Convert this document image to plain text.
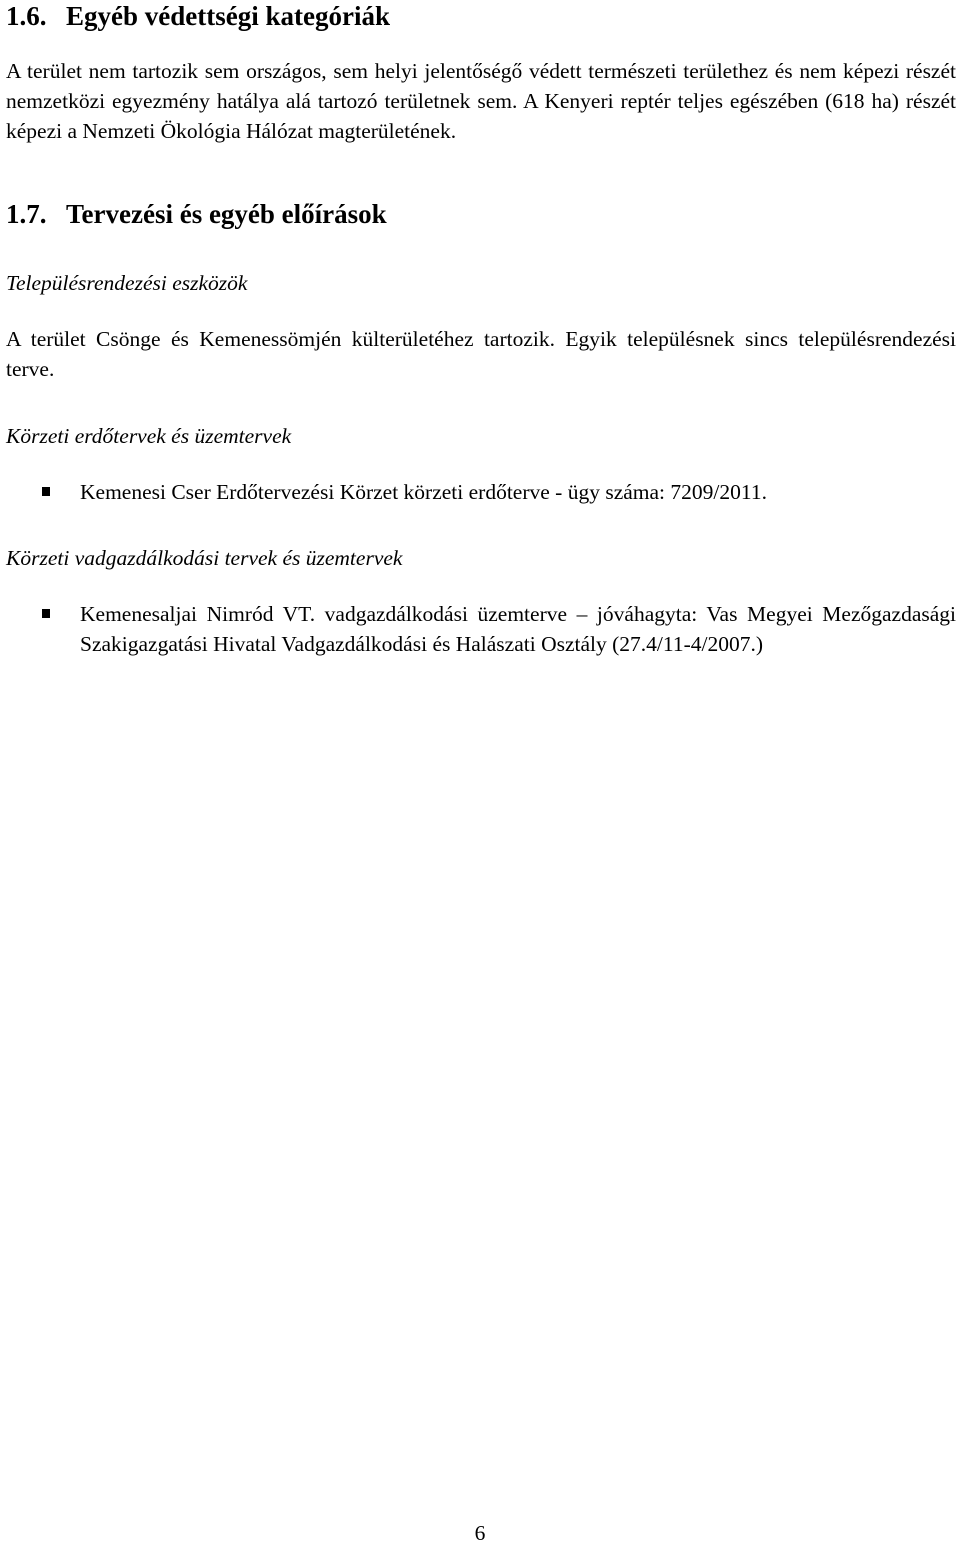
1.6. Egyéb védettségi kategóriák

A terület nem tartozik sem országos, sem helyi jelentőségő védett természeti területhez és nem képezi részét nemzetközi egyezmény hatálya alá tartozó területnek sem. A Kenyeri reptér teljes egészében (618 ha) részét képezi a Nemzeti Ökológia Hálózat magterületének.

1.7. Tervezési és egyéb előírások

Településrendezési eszközök

A terület Csönge és Kemenessömjén külterületéhez tartozik. Egyik településnek sincs településrendezési terve.

Körzeti erdőtervek és üzemtervek

Kemenesi Cser Erdőtervezési Körzet körzeti erdőterve - ügy száma: 7209/2011.

Körzeti vadgazdálkodási tervek és üzemtervek

Kemenesaljai Nimród VT. vadgazdálkodási üzemterve – jóváhagyta: Vas Megyei Mezőgazdasági Szakigazgatási Hivatal Vadgazdálkodási és Halászati Osztály (27.4/11-4/2007.)
6
